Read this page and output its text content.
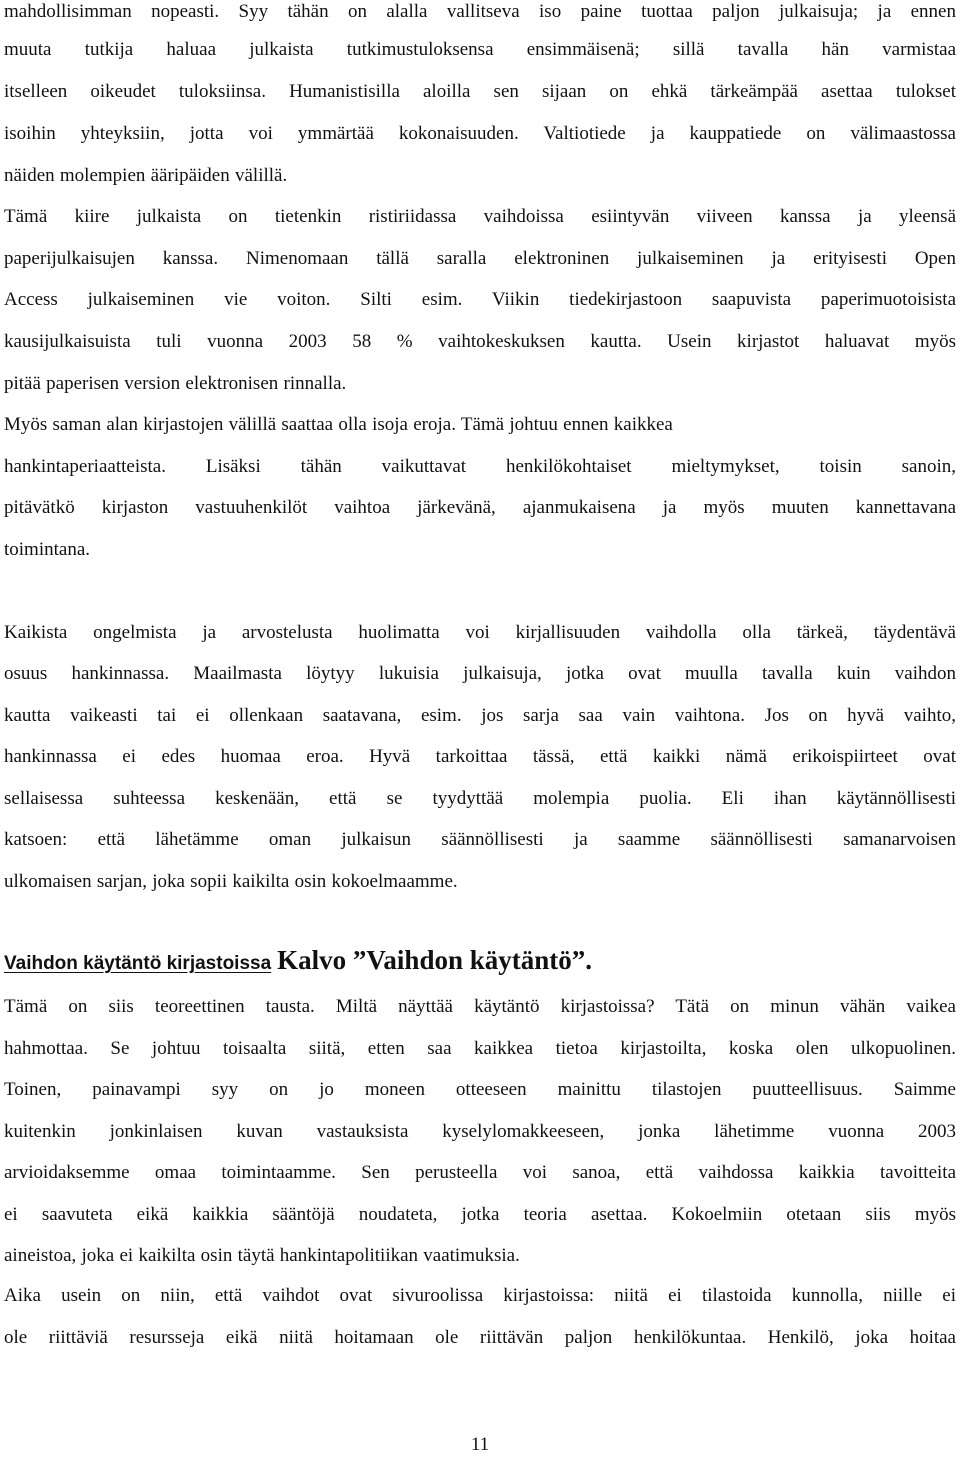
mahdollisimman nopeasti. Syy tähän on alalla vallitseva iso paine tuottaa paljon julkaisuja; ja ennen
muuta tutkija haluaa julkaista tutkimustuloksensa ensimmäisenä; sillä tavalla hän varmistaa
itselleen oikeudet tuloksiinsa. Humanistisilla aloilla sen sijaan on ehkä tärkeämpää asettaa tulokset
isoihin yhteyksiin, jotta voi ymmärtää kokonaisuuden. Valtiotiede ja kauppatiede on välimaastossa
näiden molempien ääripäiden välillä.
Tämä kiire julkaista on tietenkin ristiriidassa vaihdoissa esiintyvän viiveen kanssa ja yleensä
paperijulkaisujen kanssa. Nimenomaan tällä saralla elektroninen julkaiseminen ja erityisesti Open
Access julkaiseminen vie voiton. Silti esim. Viikin tiedekirjastoon saapuvista paperimuotoisista
kausijulkaisuista tuli vuonna 2003 58 % vaihtokeskuksen kautta. Usein kirjastot haluavat myös
pitää paperisen version elektronisen rinnalla.
Myös saman alan kirjastojen välillä saattaa olla isoja eroja. Tämä johtuu ennen kaikkea
hankintaperiaatteista. Lisäksi tähän vaikuttavat henkilökohtaiset mieltymykset, toisin sanoin,
pitävätkö kirjaston vastuuhenkilöt vaihtoa järkevänä, ajanmukaisena ja myös muuten kannettavana
toimintana.
Kaikista ongelmista ja arvostelusta huolimatta voi kirjallisuuden vaihdolla olla tärkeä, täydentävä
osuus hankinnassa. Maailmasta löytyy lukuisia julkaisuja, jotka ovat muulla tavalla kuin vaihdon
kautta vaikeasti tai ei ollenkaan saatavana, esim. jos sarja saa vain vaihtona. Jos on hyvä vaihto,
hankinnassa ei edes huomaa eroa. Hyvä tarkoittaa tässä, että kaikki nämä erikoispiirteet ovat
sellaisessa suhteessa keskenään, että se tyydyttää molempia puolia. Eli ihan käytännöllisesti
katsoen: että lähetämme oman julkaisun säännöllisesti ja saamme säännöllisesti samanarvoisen
ulkomaisen sarjan, joka sopii kaikilta osin kokoelmaamme.
Vaihdon käytäntö kirjastoissa Kalvo ”Vaihdon käytäntö”.
Tämä on siis teoreettinen tausta. Miltä näyttää käytäntö kirjastoissa? Tätä on minun vähän vaikea
hahmottaa. Se johtuu toisaalta siitä, etten saa kaikkea tietoa kirjastoilta, koska olen ulkopuolinen.
Toinen, painavampi syy on jo moneen otteeseen mainittu tilastojen puutteellisuus. Saimme
kuitenkin jonkinlaisen kuvan vastauksista kyselylomakkeeseen, jonka lähetimme vuonna 2003
arvioidaksemme omaa toimintaamme. Sen perusteella voi sanoa, että vaihdossa kaikkia tavoitteita
ei saavuteta eikä kaikkia sääntöjä noudateta, jotka teoria asettaa. Kokoelmiin otetaan siis myös
aineistoa, joka ei kaikilta osin täytä hankintapolitiikan vaatimuksia.
Aika usein on niin, että vaihdot ovat sivuroolissa kirjastoissa: niitä ei tilastoida kunnolla, niille ei
ole riittäviä resursseja eikä niitä hoitamaan ole riittävän paljon henkilökuntaa. Henkilö, joka hoitaa
11
